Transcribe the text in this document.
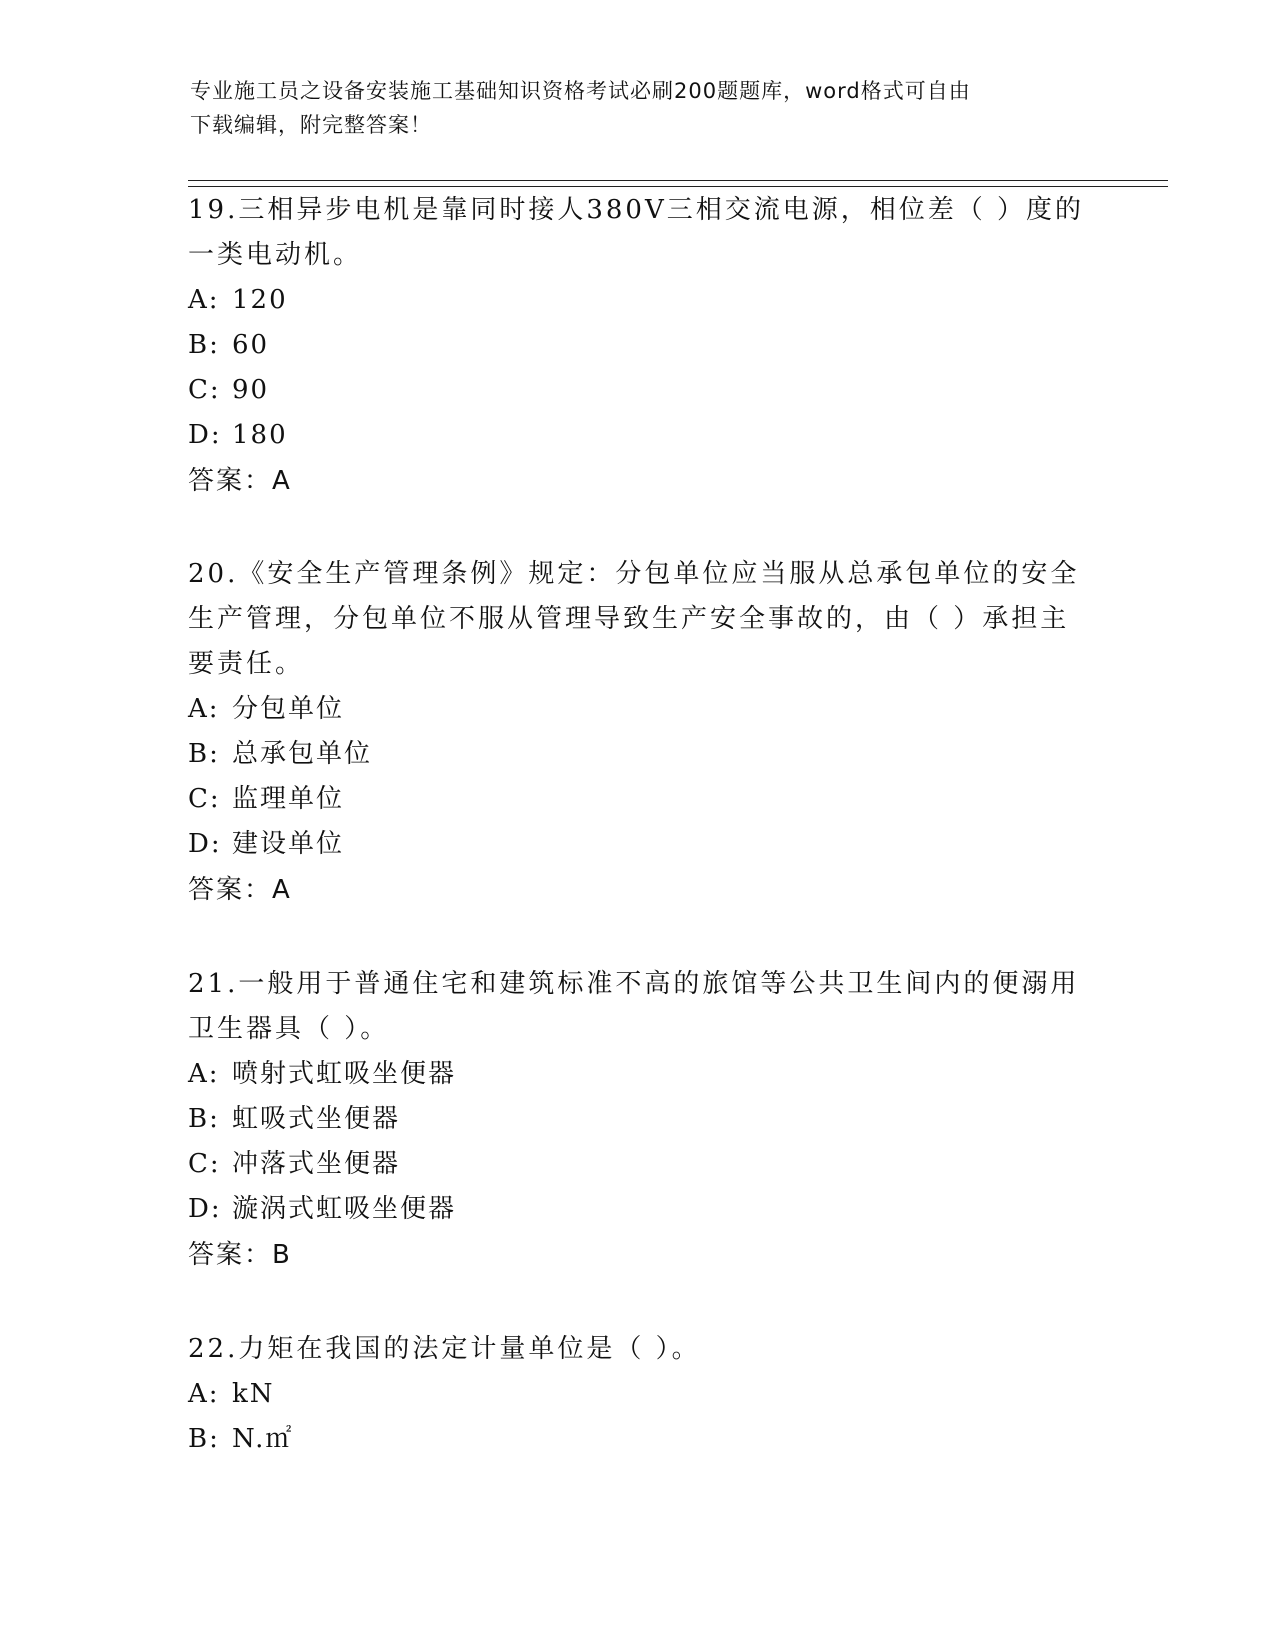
专业施工员之设备安装施工基础知识资格考试必刷200题题库，word格式可自由
下载编辑，附完整答案！

19.三相异步电机是靠同时接人380V三相交流电源，相位差（ ）度的一类电动机。

A: 120
B: 60
C: 90
D: 180
答案：A

20.《安全生产管理条例》规定：分包单位应当服从总承包单位的安全生产管理，分包单位不服从管理导致生产安全事故的，由（ ）承担主要责任。

A: 分包单位
B: 总承包单位
C: 监理单位
D: 建设单位
答案：A

21.一般用于普通住宅和建筑标准不高的旅馆等公共卫生间内的便溺用卫生器具（ ）。

A: 喷射式虹吸坐便器
B: 虹吸式坐便器
C: 冲落式坐便器
D: 漩涡式虹吸坐便器
答案：B

22.力矩在我国的法定计量单位是（ ）。

A: kN
B: N.㎡
